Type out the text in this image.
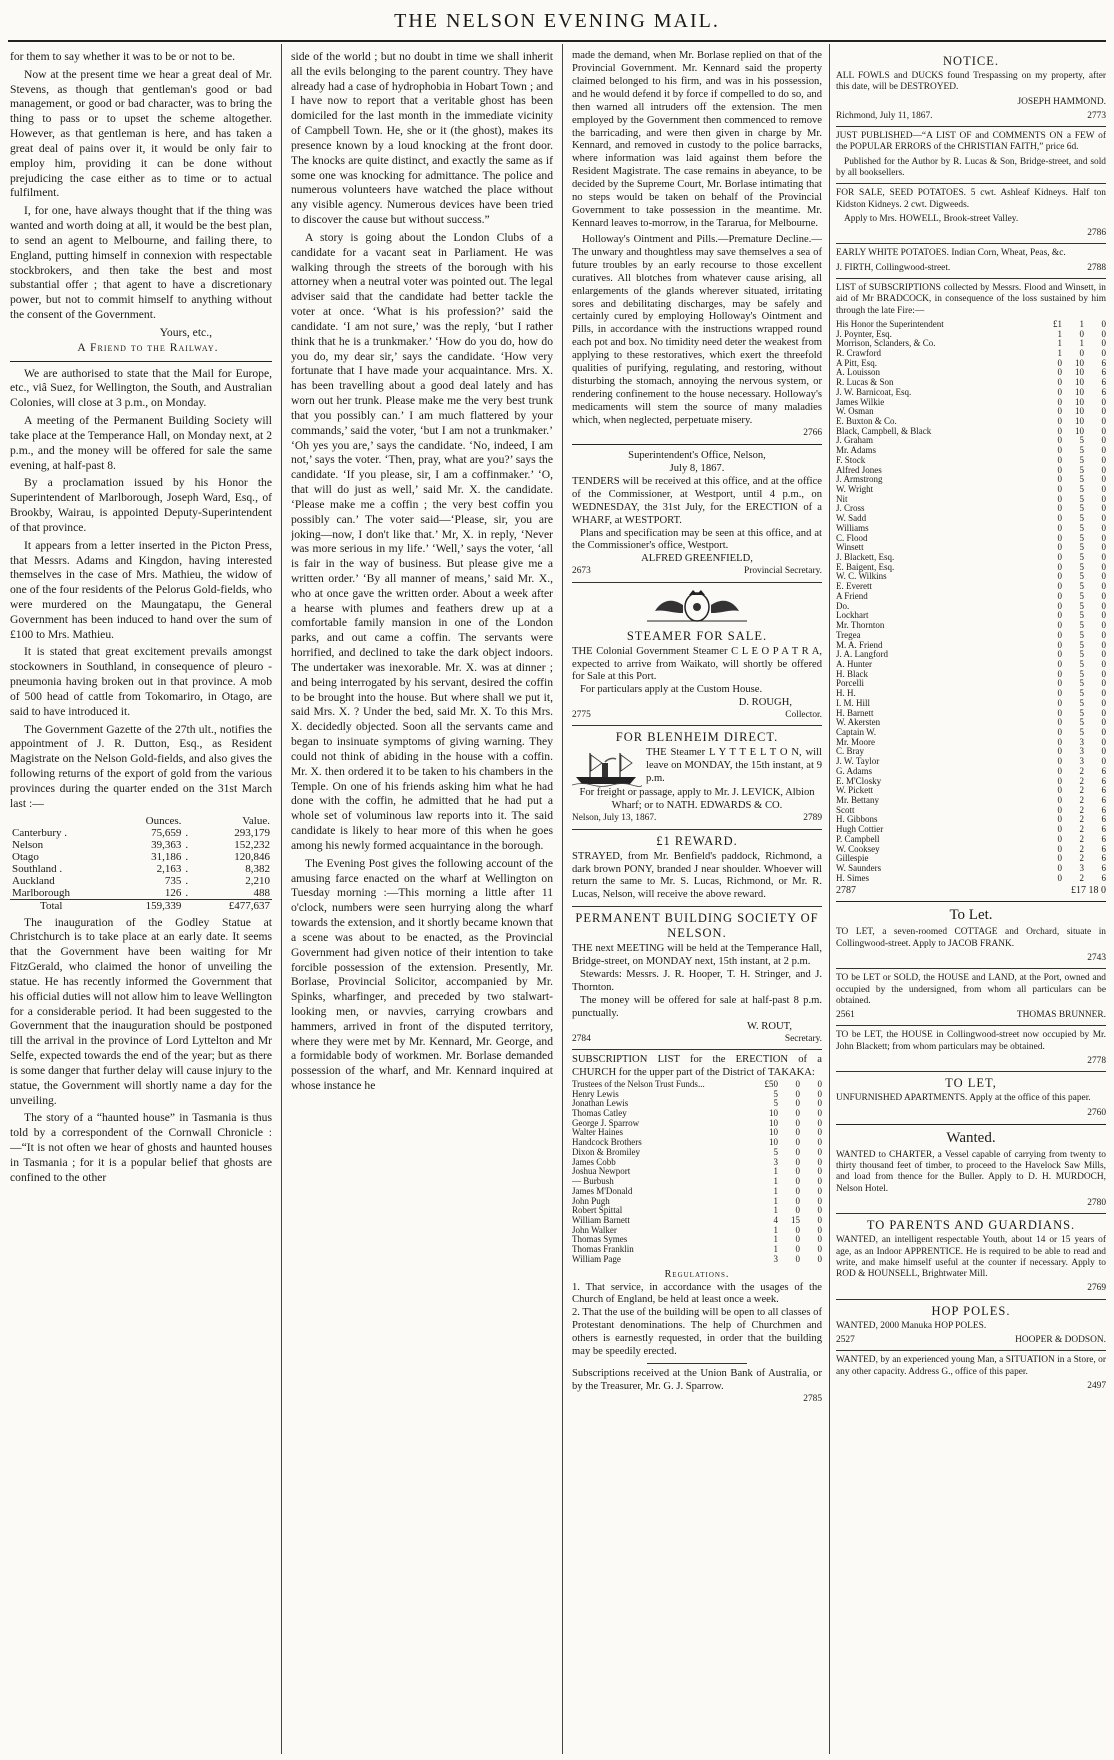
THE NELSON EVENING MAIL.

for them to say whether it was to be or not to be.

Now at the present time we hear a great deal of Mr. Stevens, as though that gentleman's good or bad management, or good or bad character, was to bring the thing to pass or to upset the scheme altogether. However, as that gentleman is here, and has taken a great deal of pains over it, it would be only fair to employ him, providing it can be done without prejudicing the case either as to time or to actual fulfilment.

I, for one, have always thought that if the thing was wanted and worth doing at all, it would be the best plan, to send an agent to Melbourne, and failing there, to England, putting himself in connexion with respectable stockbrokers, and then take the best and most substantial offer ; that agent to have a discretionary power, but not to commit himself to anything without the consent of the Government.

Yours, etc.,

A Friend to the Railway.

We are authorised to state that the Mail for Europe, etc., viâ Suez, for Wellington, the South, and Australian Colonies, will close at 3 p.m., on Monday.

A meeting of the Permanent Building Society will take place at the Temperance Hall, on Monday next, at 2 p.m., and the money will be offered for sale the same evening, at half-past 8.

By a proclamation issued by his Honor the Superintendent of Marlborough, Joseph Ward, Esq., of Brookby, Wairau, is appointed Deputy-Superintendent of that province.

It appears from a letter inserted in the Picton Press, that Messrs. Adams and Kingdon, having interested themselves in the case of Mrs. Mathieu, the widow of one of the four residents of the Pelorus Gold-fields, who were murdered on the Maungatapu, the General Government has been induced to hand over the sum of £100 to Mrs. Mathieu.

It is stated that great excitement prevails amongst stockowners in Southland, in consequence of pleuro - pneumonia having broken out in that province. A mob of 500 head of cattle from Tokomariro, in Otago, are said to have introduced it.

The Government Gazette of the 27th ult., notifies the appointment of J. R. Dutton, Esq., as Resident Magistrate on the Nelson Gold-fields, and also gives the following returns of the export of gold from the various provinces during the quarter ended on the 31st March last :—

	Ounces.		Value.
Canterbury .	75,659	.	293,179
Nelson	39,363	.	152,232
Otago	31,186	.	120,846
Southland .	2,163	.	8,382
Auckland	735	.	2,210
Marlborough	126	.	488
Total	159,339		£477,637

The inauguration of the Godley Statue at Christchurch is to take place at an early date. It seems that the Government have been waiting for Mr FitzGerald, who claimed the honor of unveiling the statue. He has recently informed the Government that his official duties will not allow him to leave Wellington for a considerable period. It had been suggested to the Government that the inauguration should be postponed till the arrival in the province of Lord Lyttelton and Mr Selfe, expected towards the end of the year; but as there is some danger that further delay will cause injury to the statue, the Government will shortly name a day for the unveiling.

The story of a “haunted house” in Tasmania is thus told by a correspondent of the Cornwall Chronicle :—“It is not often we hear of ghosts and haunted houses in Tasmania ; for it is a popular belief that ghosts are confined to the other

side of the world ; but no doubt in time we shall inherit all the evils belonging to the parent country. They have already had a case of hydrophobia in Hobart Town ; and I have now to report that a veritable ghost has been domiciled for the last month in the immediate vicinity of Campbell Town. He, she or it (the ghost), makes its presence known by a loud knocking at the front door. The knocks are quite distinct, and exactly the same as if some one was knocking for admittance. The police and numerous volunteers have watched the place without any visible agency. Numerous devices have been tried to discover the cause but without success.”

A story is going about the London Clubs of a candidate for a vacant seat in Parliament. He was walking through the streets of the borough with his attorney when a neutral voter was pointed out. The legal adviser said that the candidate had better tackle the voter at once. ‘What is his profession?’ said the candidate. ‘I am not sure,’ was the reply, ‘but I rather think that he is a trunkmaker.’ ‘How do you do, how do you do, my dear sir,’ says the candidate. ‘How very fortunate that I have made your acquaintance. Mrs. X. has been travelling about a good deal lately and has worn out her trunk. Please make me the very best trunk that you possibly can.’ I am much flattered by your commands,’ said the voter, ‘but I am not a trunkmaker.’ ‘Oh yes you are,’ says the candidate. ‘No, indeed, I am not,’ says the voter. ‘Then, pray, what are you?’ says the candidate. ‘If you please, sir, I am a coffinmaker.’ ‘O, that will do just as well,’ said Mr. X. the candidate. ‘Please make me a coffin ; the very best coffin you possibly can.’ The voter said—‘Please, sir, you are joking—now, I don't like that.’ Mr, X. in reply, ‘Never was more serious in my life.’ ‘Well,’ says the voter, ‘all is fair in the way of business. But please give me a written order.’ ‘By all manner of means,’ said Mr. X., who at once gave the written order. About a week after a hearse with plumes and feathers drew up at a comfortable family mansion in one of the London parks, and out came a coffin. The servants were horrified, and declined to take the dark object indoors. The undertaker was inexorable. Mr. X. was at dinner ; and being interrogated by his servant, desired the coffin to be brought into the house. But where shall we put it, said Mrs. X. ? Under the bed, said Mr. X. To this Mrs. X. decidedly objected. Soon all the servants came and began to insinuate symptoms of giving warning. They could not think of abiding in the house with a coffin. Mr. X. then ordered it to be taken to his chambers in the Temple. On one of his friends asking him what he had done with the coffin, he admitted that he had put a whole set of voluminous law reports into it. The said candidate is likely to hear more of this when he goes among his newly formed acquaintance in the borough.

The Evening Post gives the following account of the amusing farce enacted on the wharf at Wellington on Tuesday morning :—This morning a little after 11 o'clock, numbers were seen hurrying along the wharf towards the extension, and it shortly became known that a scene was about to be enacted, as the Provincial Government had given notice of their intention to take forcible possession of the extension. Presently, Mr. Borlase, Provincial Solicitor, accompanied by Mr. Spinks, wharfinger, and preceded by two stalwart-looking men, or navvies, carrying crowbars and hammers, arrived in front of the disputed territory, where they were met by Mr. Kennard, Mr. George, and a formidable body of workmen. Mr. Borlase demanded possession of the wharf, and Mr. Kennard inquired at whose instance he

made the demand, when Mr. Borlase replied on that of the Provincial Government. Mr. Kennard said the property claimed belonged to his firm, and was in his possession, and he would defend it by force if compelled to do so, and then warned all intruders off the extension. The men employed by the Government then commenced to remove the barricading, and were then given in charge by Mr. Kennard, and removed in custody to the police barracks, where information was laid against them before the Resident Magistrate. The case remains in abeyance, to be decided by the Supreme Court, Mr. Borlase intimating that no steps would be taken on behalf of the Provincial Government to take possession in the meantime. Mr. Kennard leaves to-morrow, in the Tararua, for Melbourne.

Holloway's Ointment and Pills.—Premature Decline.—The unwary and thoughtless may save themselves a sea of future troubles by an early recourse to those excellent curatives. All blotches from whatever cause arising, all enlargements of the glands wherever situated, irritating sores and debilitating discharges, may be safely and certainly cured by employing Holloway's Ointment and Pills, in accordance with the instructions wrapped round each pot and box. No timidity need deter the weakest from applying to these restoratives, which exert the threefold qualities of purifying, regulating, and restoring, without disturbing the stomach, annoying the nervous system, or rendering confinement to the house necessary. Holloway's medicaments will stem the source of many maladies which, when neglected, perpetuate misery.

2766

Superintendent's Office, Nelson,

July 8, 1867.

TENDERS will be received at this office, and at the office of the Commissioner, at Westport, until 4 p.m., on WEDNESDAY, the 31st July, for the ERECTION of a WHARF, at WESTPORT.

Plans and specification may be seen at this office, and at the Commissioner's office, Westport.

ALFRED GREENFIELD,

2673	Provincial Secretary.
STEAMER FOR SALE.

THE Colonial Government Steamer C L E O P A T R A, expected to arrive from Waikato, will shortly be offered for Sale at this Port.

For particulars apply at the Custom House.

D. ROUGH,

2775	Collector.
FOR BLENHEIM DIRECT.

THE Steamer L Y T T E L T O N, will leave on MONDAY, the 15th instant, at 9 p.m.

For freight or passage, apply to Mr. J. LEVICK, Albion Wharf; or to NATH. EDWARDS & CO.

Nelson, July 13, 1867.	2789
£1 REWARD.

STRAYED, from Mr. Benfield's paddock, Richmond, a dark brown PONY, branded J near shoulder. Whoever will return the same to Mr. S. Lucas, Richmond, or Mr. R. Lucas, Nelson, will receive the above reward.

PERMANENT BUILDING SOCIETY OF NELSON.

THE next MEETING will be held at the Temperance Hall, Bridge-street, on MONDAY next, 15th instant, at 2 p.m.

Stewards: Messrs. J. R. Hooper, T. H. Stringer, and J. Thornton.

The money will be offered for sale at half-past 8 p.m. punctually.

W. ROUT,

2784	Secretary.

SUBSCRIPTION LIST for the ERECTION of a CHURCH for the upper part of the District of TAKAKA:

Trustees of the Nelson Trust Funds...		£50	0	0
Henry Lewis		5	0	0
Jonathan Lewis		5	0	0
Thomas Catley		10	0	0
George J. Sparrow		10	0	0
Walter Haines		10	0	0
Handcock Brothers		10	0	0
Dixon & Bromiley		5	0	0
James Cobb		3	0	0
Joshua Newport		1	0	0
— Burbush		1	0	0
James M'Donald		1	0	0
John Pugh		1	0	0
Robert Spittal		1	0	0
William Barnett		4	15	0
John Walker		1	0	0
Thomas Symes		1	0	0
Thomas Franklin		1	0	0
William Page		3	0	0
Regulations.

1. That service, in accordance with the usages of the Church of England, be held at least once a week.

2. That the use of the building will be open to all classes of Protestant denominations. The help of Churchmen and others is earnestly requested, in order that the building may be speedily erected.

Subscriptions received at the Union Bank of Australia, or by the Treasurer, Mr. G. J. Sparrow.

2785
NOTICE.

ALL FOWLS and DUCKS found Trespassing on my property, after this date, will be DESTROYED.

JOSEPH HAMMOND.

Richmond, July 11, 1867.	2773

JUST PUBLISHED—“A LIST OF and COMMENTS ON a FEW of the POPULAR ERRORS of the CHRISTIAN FAITH,” price 6d.

Published for the Author by R. Lucas & Son, Bridge-street, and sold by all booksellers.

FOR SALE, SEED POTATOES. 5 cwt. Ashleaf Kidneys. Half ton Kidston Kidneys. 2 cwt. Digweeds.

Apply to Mrs. HOWELL, Brook-street Valley.

2786

EARLY WHITE POTATOES. Indian Corn, Wheat, Peas, &c.

J. FIRTH, Collingwood-street.	2788

LIST of SUBSCRIPTIONS collected by Messrs. Flood and Winsett, in aid of Mr BRADCOCK, in consequence of the loss sustained by him through the late Fire:—

His Honor the Superintendent		£1	1	0
J. Poynter, Esq.		1	0	0
Morrison, Sclanders, & Co.		1	1	0
R. Crawford		1	0	0
A Pitt, Esq.		0	10	6
A. Louisson		0	10	6
R. Lucas & Son		0	10	6
J. W. Barnicoat, Esq.		0	10	6
James Wilkie		0	10	0
W. Osman		0	10	0
E. Buxton & Co.		0	10	0
Black, Campbell, & Black		0	10	0
J. Graham		0	5	0
Mr. Adams		0	5	0
F. Stock		0	5	0
Alfred Jones		0	5	0
J. Armstrong		0	5	0
W. Wright		0	5	0
Nit		0	5	0
J. Cross		0	5	0
W. Sadd		0	5	0
Williams		0	5	0
C. Flood		0	5	0
Winsett		0	5	0
J. Blackett, Esq.		0	5	0
E. Baigent, Esq.		0	5	0
W. C. Wilkins		0	5	0
E. Everett		0	5	0
A Friend		0	5	0
Do.		0	5	0
Lockhart		0	5	0
Mr. Thornton		0	5	0
Tregea		0	5	0
M. A. Friend		0	5	0
J. A. Langford		0	5	0
A. Hunter		0	5	0
H. Black		0	5	0
Porcelli		0	5	0
H. H.		0	5	0
I. M. Hill		0	5	0
H. Barnett		0	5	0
W. Akersten		0	5	0
Captain W.		0	5	0
Mr. Moore		0	3	0
C. Bray		0	3	0
J. W. Taylor		0	3	0
G. Adams		0	2	6
E. M'Closky		0	2	6
W. Pickett		0	2	6
Mr. Bettany		0	2	6
Scott		0	2	6
H. Gibbons		0	2	6
Hugh Cottier		0	2	6
P. Campbell		0	2	6
W. Cooksey		0	2	6
Gillespie		0	2	6
W. Saunders		0	3	6
H. Simes		0	2	6
2787	£17 18 0
To Let.

TO LET, a seven-roomed COTTAGE and Orchard, situate in Collingwood-street. Apply to JACOB FRANK.

2743

TO be LET or SOLD, the HOUSE and LAND, at the Port, owned and occupied by the undersigned, from whom all particulars can be obtained.

2561	THOMAS BRUNNER.

TO be LET, the HOUSE in Collingwood-street now occupied by Mr. John Blackett; from whom particulars may be obtained.

2778
TO LET,

UNFURNISHED APARTMENTS. Apply at the office of this paper.

2760
Wanted.

WANTED to CHARTER, a Vessel capable of carrying from twenty to thirty thousand feet of timber, to proceed to the Havelock Saw Mills, and load from thence for the Buller. Apply to D. H. MURDOCH, Nelson Hotel.

2780
TO PARENTS AND GUARDIANS.

WANTED, an intelligent respectable Youth, about 14 or 15 years of age, as an Indoor APPRENTICE. He is required to be able to read and write, and make himself useful at the counter if necessary. Apply to ROD & HOUNSELL, Brightwater Mill.

2769
HOP POLES.

WANTED, 2000 Manuka HOP POLES.

2527	HOOPER & DODSON.

WANTED, by an experienced young Man, a SITUATION in a Store, or any other capacity. Address G., office of this paper.

2497
